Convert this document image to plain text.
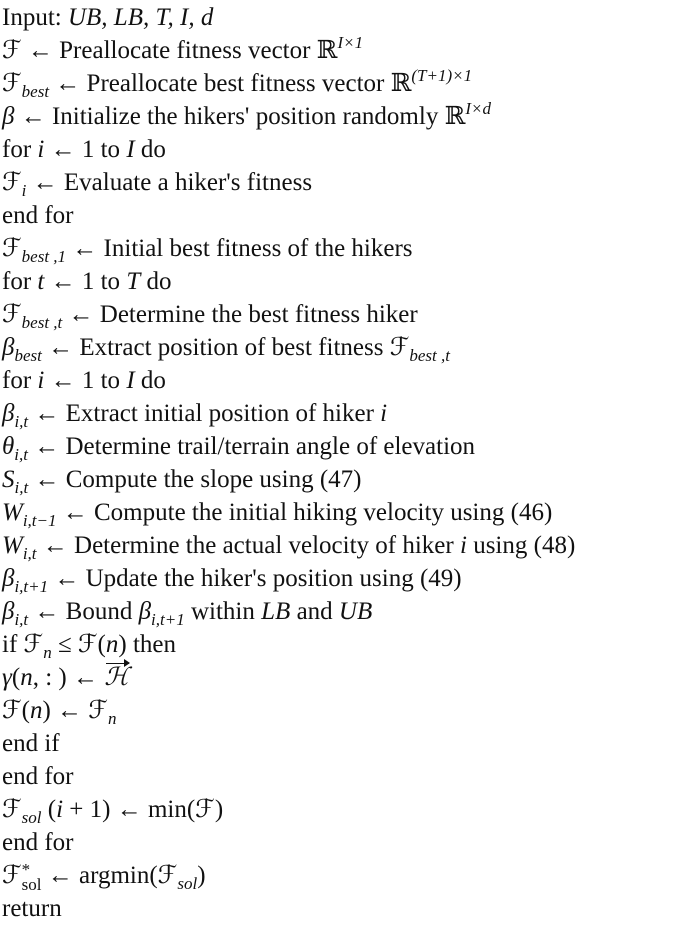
Input: UB, LB, T, I, d
ℱ ← Preallocate fitness vector ℝ$^{I\times 1}$
ℱ$_{best}$ ← Preallocate best fitness vector ℝ$^{(T+1)\times 1}$
β ← Initialize the hikers' position randomly ℝ$^{I\times d}$
for i ← 1 to I do
ℱ$_i$ ← Evaluate a hiker's fitness
end for
ℱ$_{best ,1}$ ← Initial best fitness of the hikers
for t ← 1 to T do
ℱ$_{best ,t}$ ← Determine the best fitness hiker
$\beta_{best}$ ← Extract position of best fitness ℱ$_{best ,t}$
for i ← 1 to I do
$\beta_{i,t}$ ← Extract initial position of hiker i
$\theta_{i,t}$ ← Determine trail/terrain angle of elevation
$S_{i,t}$ ← Compute the slope using (47)
$W_{i,t-1}$ ← Compute the initial hiking velocity using (46)
$W_{i,t}$ ← Determine the actual velocity of hiker i using (48)
$\beta_{i,t+1}$ ← Update the hiker's position using (49)
$\beta_{i,t}$ ← Bound $\beta_{i,t+1}$ within LB and UB
if ℱ$_n$ ≤ ℱ(n) then
γ(n, : ) ← ℋ
ℱ(n) ← ℱ$_n$
end if
end for
ℱ$_{sol}$ (i + 1) ← min(ℱ)
end for
ℱ *
sol ← argmin(ℱ$_{sol}$)
return
